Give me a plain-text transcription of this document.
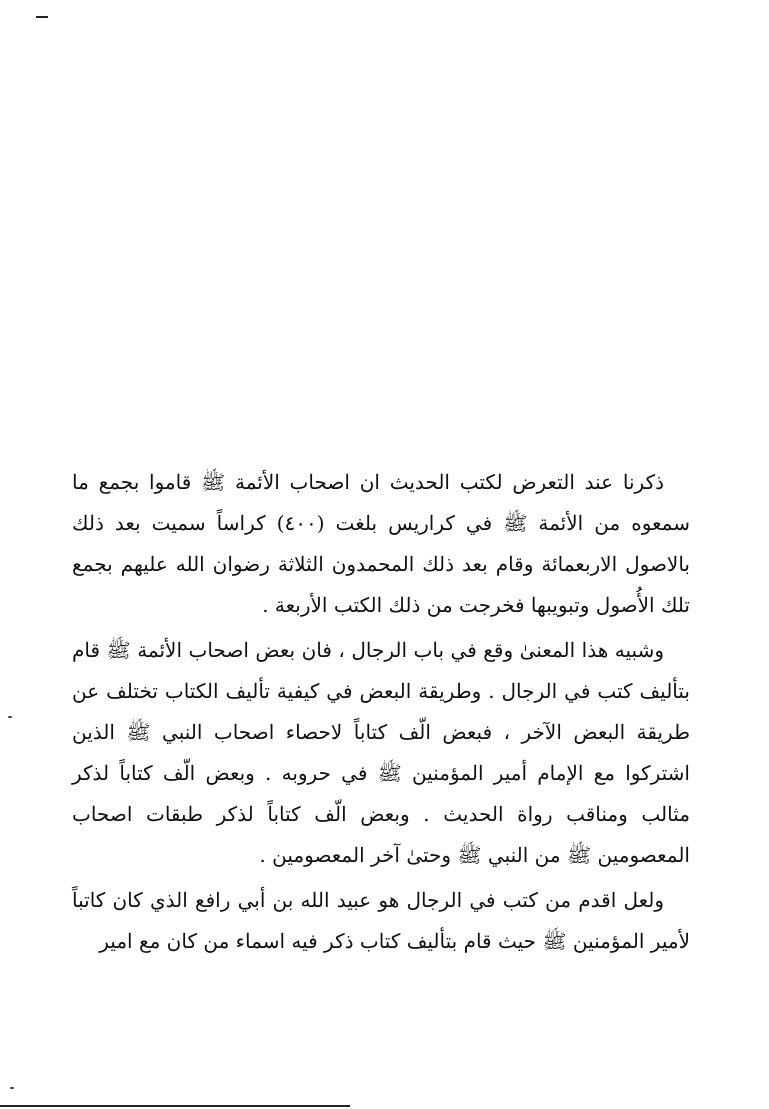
ذكرنا عند التعرض لكتب الحديث ان اصحاب الأئمة ﷺ قاموا بجمع ما سمعوه من الأئمة ﷺ في كراريس بلغت (٤٠٠) كراساً سميت بعد ذلك بالاصول الاربعمائة وقام بعد ذلك المحمدون الثلاثة رضوان الله عليهم بجمع تلك الأُصول وتبويبها فخرجت من ذلك الكتب الأربعة .

وشبيه هذا المعنىٰ وقع في باب الرجال ، فان بعض اصحاب الأئمة ﷺ قام بتأليف كتب في الرجال . وطريقة البعض في كيفية تأليف الكتاب تختلف عن طريقة البعض الآخر ، فبعض الّف كتاباً لاحصاء اصحاب النبي ﷺ الذين اشتركوا مع الإمام أمير المؤمنين ﷺ في حروبه . وبعض الّف كتاباً لذكر مثالب ومناقب رواة الحديث . وبعض الّف كتاباً لذكر طبقات اصحاب المعصومين ﷺ من النبي ﷺ وحتىٰ آخر المعصومين .

ولعل اقدم من كتب في الرجال هو عبيد الله بن أبي رافع الذي كان كاتباً لأمير المؤمنين ﷺ حيث قام بتأليف كتاب ذكر فيه اسماء من كان مع امير
